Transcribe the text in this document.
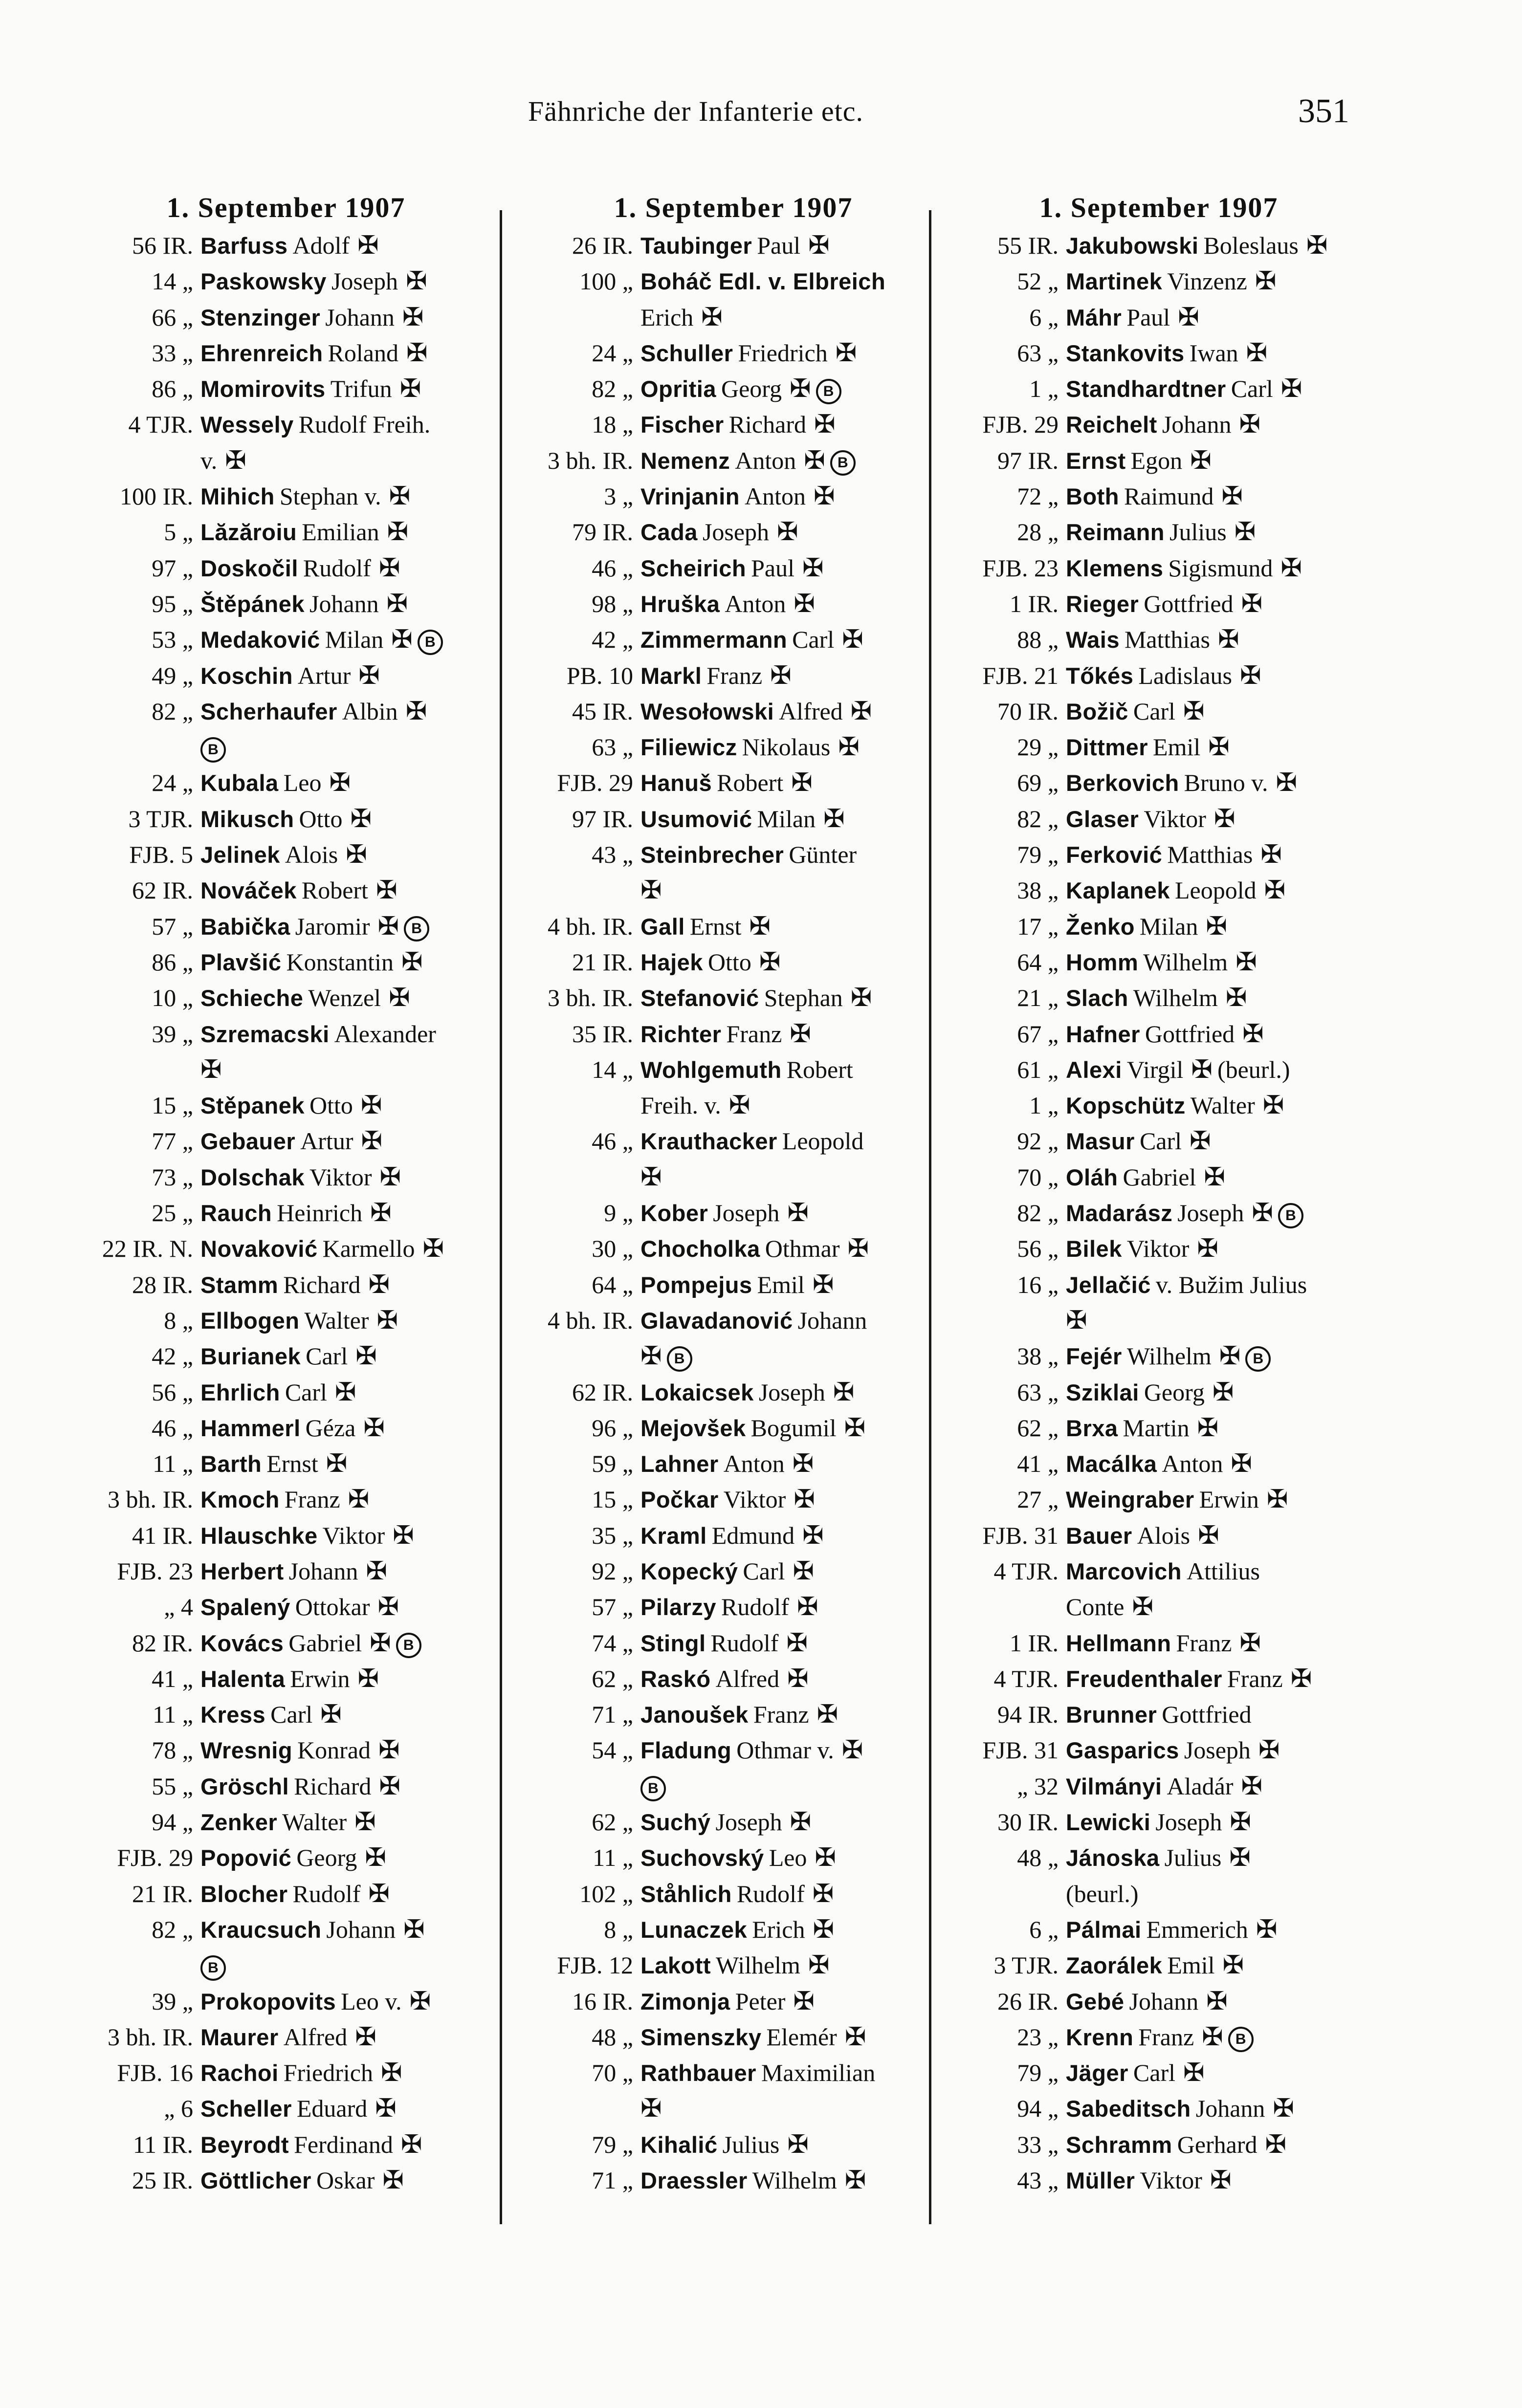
Fähnriche der Infanterie etc.	351
1. September 1907
56 IR. Barfuss Adolf ✠
14 „ Paskowsky Joseph ✠
66 „ Stenzinger Johann ✠
33 „ Ehrenreich Roland ✠
86 „ Momirovits Trifun ✠
4 TJR. Wessely Rudolf Freih.
v. ✠
100 IR. Mihich Stephan v. ✠
5 „ Lăzăroiu Emilian ✠
97 „ Doskočil Rudolf ✠
95 „ Štěpánek Johann ✠
53 „ Medaković Milan ✠ B
49 „ Koschin Artur ✠
82 „ Scherhaufer Albin ✠
B
24 „ Kubala Leo ✠
3 TJR. Mikusch Otto ✠
FJB. 5 Jelinek Alois ✠
62 IR. Nováček Robert ✠
57 „ Babička Jaromir ✠ B
86 „ Plavšić Konstantin ✠
10 „ Schieche Wenzel ✠
39 „ Szremacski Alexander
✠
15 „ Stěpanek Otto ✠
77 „ Gebauer Artur ✠
73 „ Dolschak Viktor ✠
25 „ Rauch Heinrich ✠
22 IR. N. Novaković Karmello ✠
28 IR. Stamm Richard ✠
8 „ Ellbogen Walter ✠
42 „ Burianek Carl ✠
56 „ Ehrlich Carl ✠
46 „ Hammerl Géza ✠
11 „ Barth Ernst ✠
3 bh. IR. Kmoch Franz ✠
41 IR. Hlauschke Viktor ✠
FJB. 23 Herbert Johann ✠
„ 4 Spalený Ottokar ✠
82 IR. Kovács Gabriel ✠ B
41 „ Halenta Erwin ✠
11 „ Kress Carl ✠
78 „ Wresnig Konrad ✠
55 „ Gröschl Richard ✠
94 „ Zenker Walter ✠
FJB. 29 Popović Georg ✠
21 IR. Blocher Rudolf ✠
82 „ Kraucsuch Johann ✠
B
39 „ Prokopovits Leo v. ✠
3 bh. IR. Maurer Alfred ✠
FJB. 16 Rachoi Friedrich ✠
„ 6 Scheller Eduard ✠
11 IR. Beyrodt Ferdinand ✠
25 IR. Göttlicher Oskar ✠
1. September 1907
26 IR. Taubinger Paul ✠
100 „ Boháč Edl. v. Elbreich
Erich ✠
24 „ Schuller Friedrich ✠
82 „ Opritia Georg ✠ B
18 „ Fischer Richard ✠
3 bh. IR. Nemenz Anton ✠ B
3 „ Vrinjanin Anton ✠
79 IR. Cada Joseph ✠
46 „ Scheirich Paul ✠
98 „ Hruška Anton ✠
42 „ Zimmermann Carl ✠
PB. 10 Markl Franz ✠
45 IR. Wesołowski Alfred ✠
63 „ Filiewicz Nikolaus ✠
FJB. 29 Hanuš Robert ✠
97 IR. Usumović Milan ✠
43 „ Steinbrecher Günter
✠
4 bh. IR. Gall Ernst ✠
21 IR. Hajek Otto ✠
3 bh. IR. Stefanović Stephan ✠
35 IR. Richter Franz ✠
14 „ Wohlgemuth Robert
Freih. v. ✠
46 „ Krauthacker Leopold
✠
9 „ Kober Joseph ✠
30 „ Chocholka Othmar ✠
64 „ Pompejus Emil ✠
4 bh. IR. Glavadanović Johann
✠ B
62 IR. Lokaicsek Joseph ✠
96 „ Mejovšek Bogumil ✠
59 „ Lahner Anton ✠
15 „ Počkar Viktor ✠
35 „ Kraml Edmund ✠
92 „ Kopecký Carl ✠
57 „ Pilarzy Rudolf ✠
74 „ Stingl Rudolf ✠
62 „ Raskó Alfred ✠
71 „ Janoušek Franz ✠
54 „ Fladung Othmar v. ✠
B
62 „ Suchý Joseph ✠
11 „ Suchovský Leo ✠
102 „ Ståhlich Rudolf ✠
8 „ Lunaczek Erich ✠
FJB. 12 Lakott Wilhelm ✠
16 IR. Zimonja Peter ✠
48 „ Simenszky Elemér ✠
70 „ Rathbauer Maximilian
✠
79 „ Kihalić Julius ✠
71 „ Draessler Wilhelm ✠
1. September 1907
55 IR. Jakubowski Boleslaus ✠
52 „ Martinek Vinzenz ✠
6 „ Máhr Paul ✠
63 „ Stankovits Iwan ✠
1 „ Standhardtner Carl ✠
FJB. 29 Reichelt Johann ✠
97 IR. Ernst Egon ✠
72 „ Both Raimund ✠
28 „ Reimann Julius ✠
FJB. 23 Klemens Sigismund ✠
1 IR. Rieger Gottfried ✠
88 „ Wais Matthias ✠
FJB. 21 Tőkés Ladislaus ✠
70 IR. Božič Carl ✠
29 „ Dittmer Emil ✠
69 „ Berkovich Bruno v. ✠
82 „ Glaser Viktor ✠
79 „ Ferković Matthias ✠
38 „ Kaplanek Leopold ✠
17 „ Ženko Milan ✠
64 „ Homm Wilhelm ✠
21 „ Slach Wilhelm ✠
67 „ Hafner Gottfried ✠
61 „ Alexi Virgil ✠ (beurl.)
1 „ Kopschütz Walter ✠
92 „ Masur Carl ✠
70 „ Oláh Gabriel ✠
82 „ Madarász Joseph ✠ B
56 „ Bilek Viktor ✠
16 „ Jellačić v. Bužim Julius
✠
38 „ Fejér Wilhelm ✠ B
63 „ Sziklai Georg ✠
62 „ Brxa Martin ✠
41 „ Macálka Anton ✠
27 „ Weingraber Erwin ✠
FJB. 31 Bauer Alois ✠
4 TJR. Marcovich Attilius
Conte ✠
1 IR. Hellmann Franz ✠
4 TJR. Freudenthaler Franz ✠
94 IR. Brunner Gottfried
FJB. 31 Gasparics Joseph ✠
„ 32 Vilmányi Aladár ✠
30 IR. Lewicki Joseph ✠
48 „ Jánoska Julius ✠
(beurl.)
6 „ Pálmai Emmerich ✠
3 TJR. Zaorálek Emil ✠
26 IR. Gebé Johann ✠
23 „ Krenn Franz ✠ B
79 „ Jäger Carl ✠
94 „ Sabeditsch Johann ✠
33 „ Schramm Gerhard ✠
43 „ Müller Viktor ✠
